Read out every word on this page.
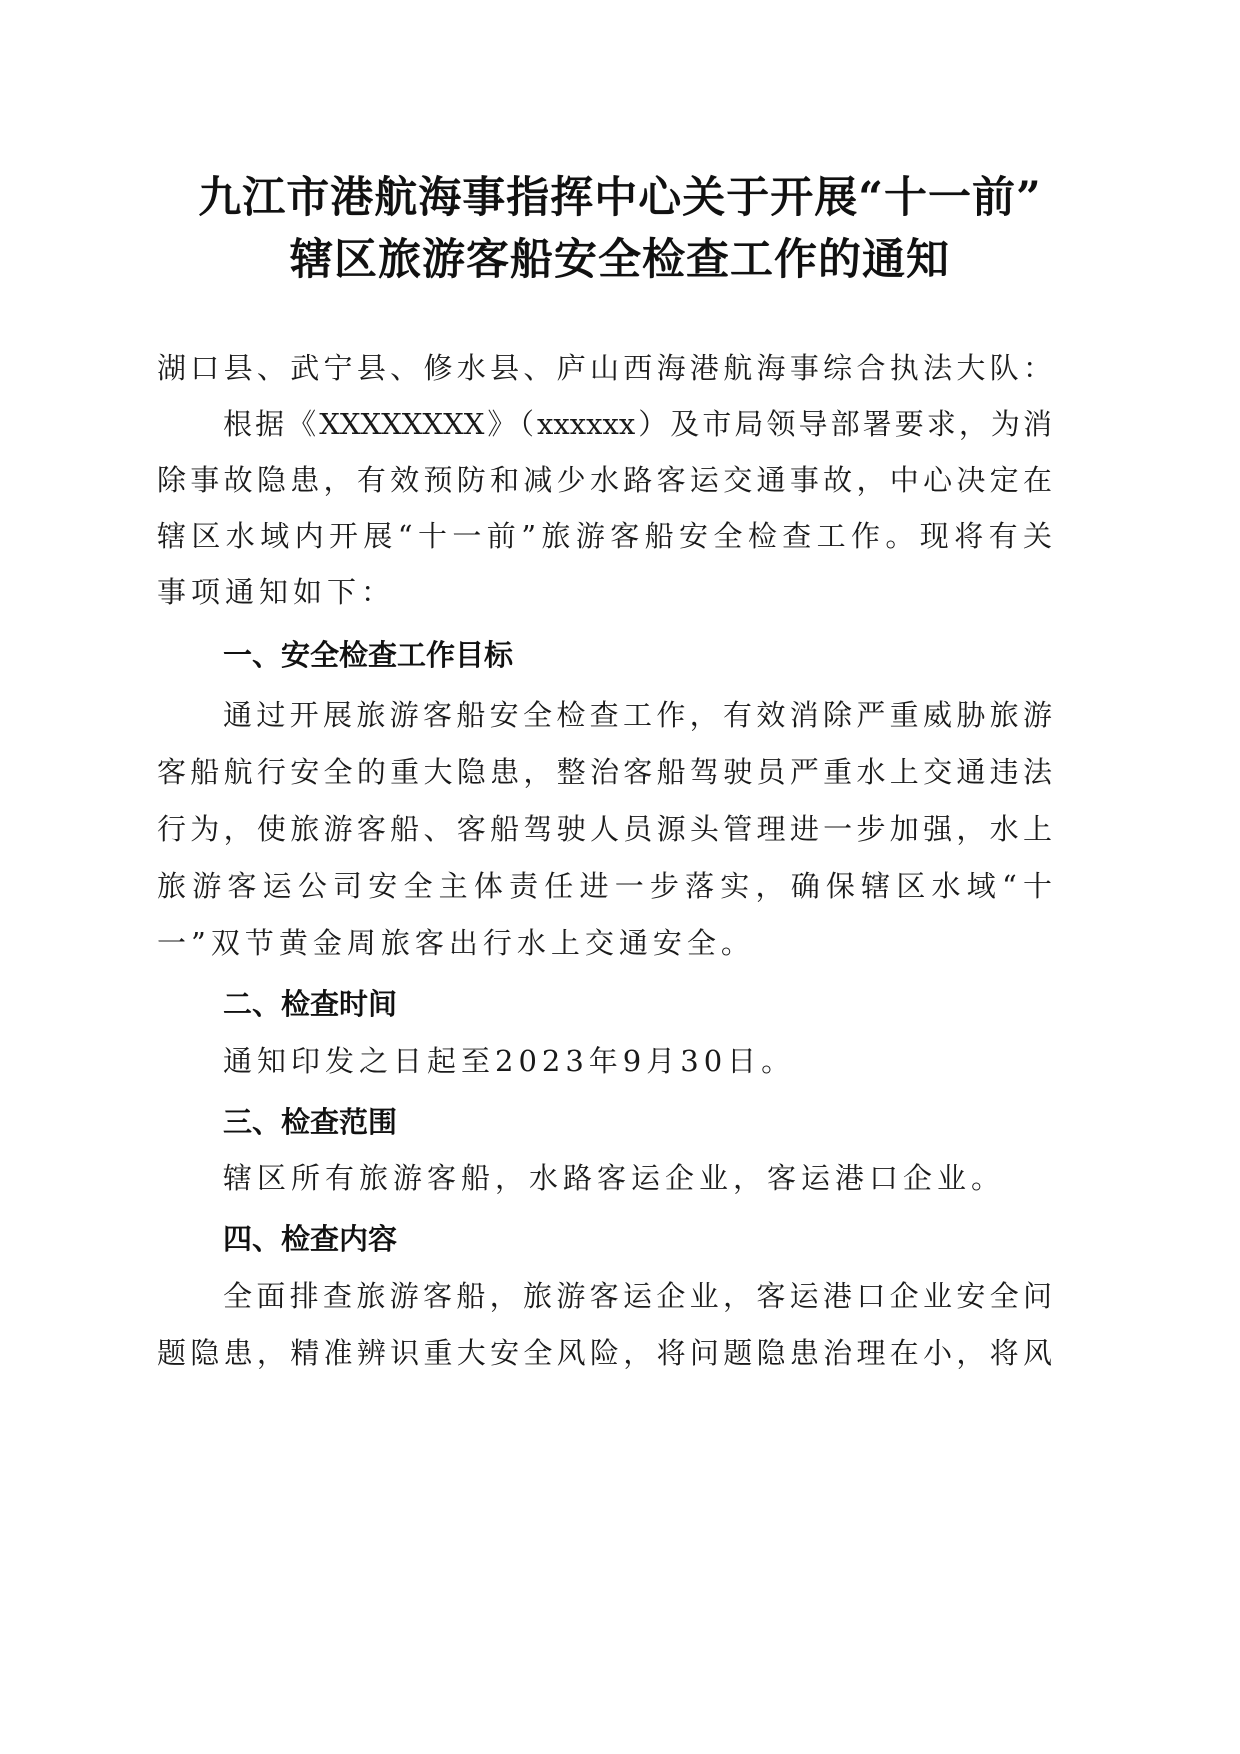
九江市港航海事指挥中心关于开展“十一前”
辖区旅游客船安全检查工作的通知
湖口县、武宁县、修水县、庐山西海港航海事综合执法大队：
根据《XXXXXXXX》（xxxxxx）及市局领导部署要求，为消
除事故隐患，有效预防和减少水路客运交通事故，中心决定在
辖区水域内开展“十一前”旅游客船安全检查工作。现将有关
事项通知如下：
一、安全检查工作目标
通过开展旅游客船安全检查工作，有效消除严重威胁旅游
客船航行安全的重大隐患，整治客船驾驶员严重水上交通违法
行为，使旅游客船、客船驾驶人员源头管理进一步加强，水上
旅游客运公司安全主体责任进一步落实，确保辖区水域“十
一”双节黄金周旅客出行水上交通安全。
二、检查时间
通知印发之日起至2023年9月30日。
三、检查范围
辖区所有旅游客船，水路客运企业，客运港口企业。
四、检查内容
全面排查旅游客船，旅游客运企业，客运港口企业安全问
题隐患，精准辨识重大安全风险，将问题隐患治理在小，将风
